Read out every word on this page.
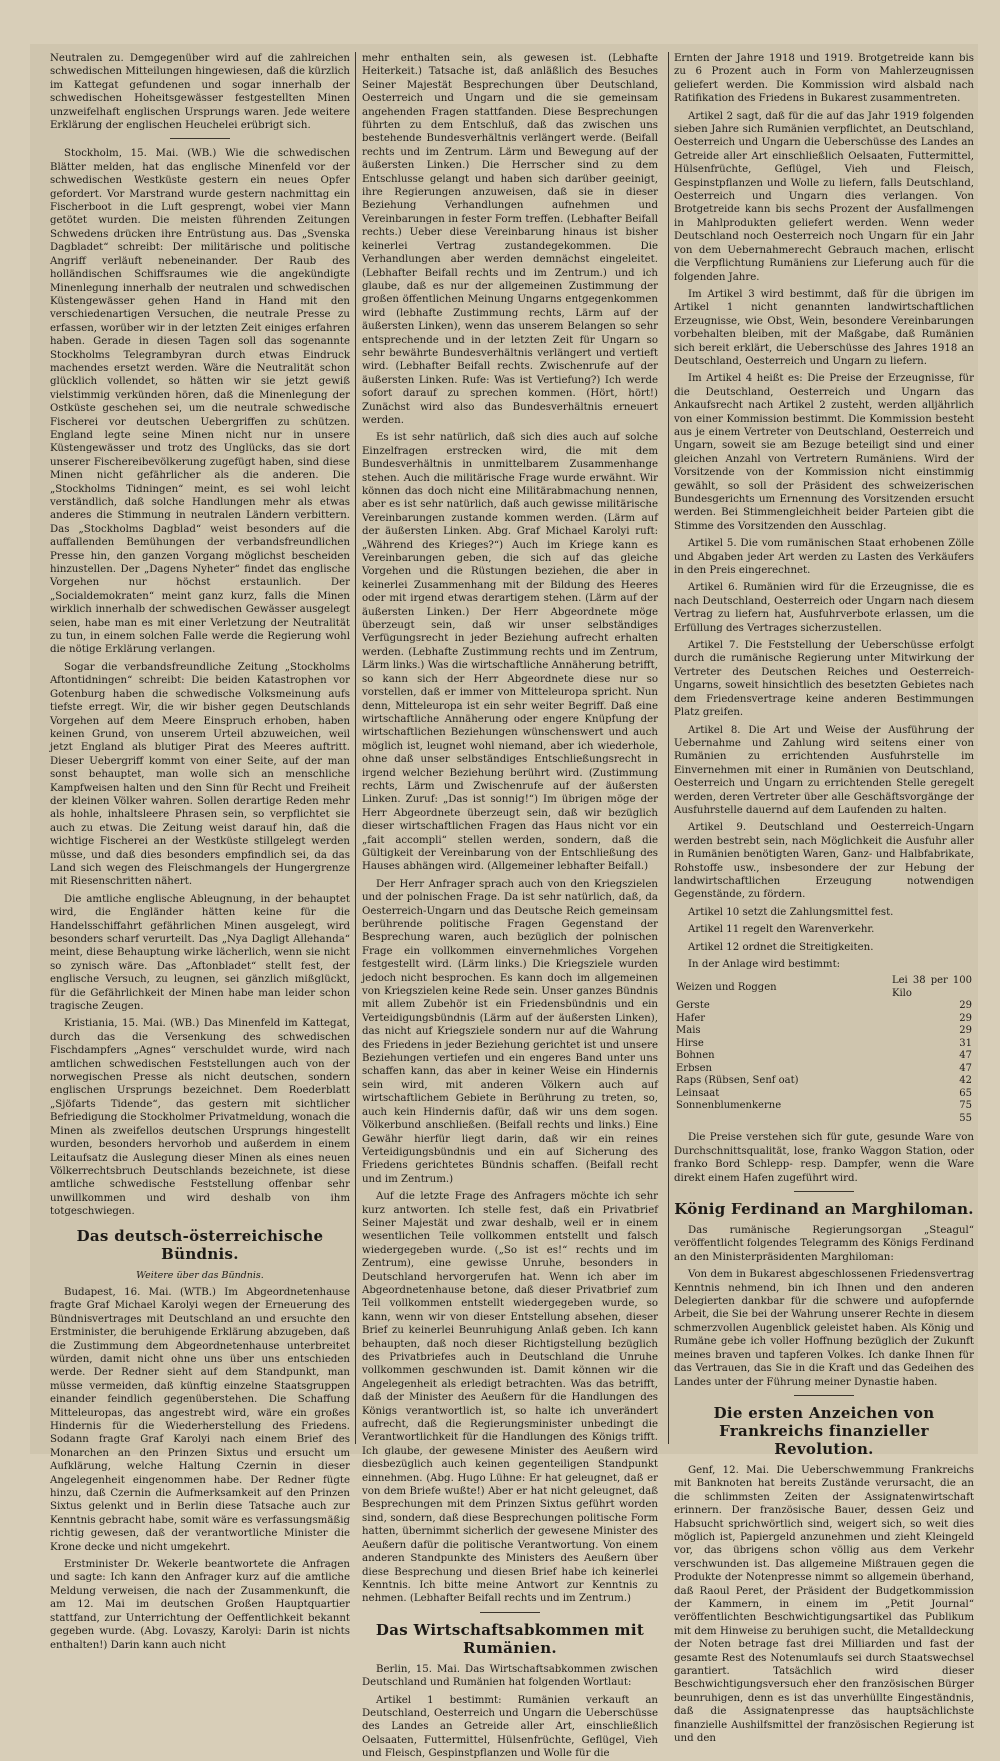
Neutralen zu. Demgegenüber wird auf die zahlreichen schwedischen Mitteilungen hingewiesen, daß die kürzlich im Kattegat gefundenen und sogar innerhalb der schwedischen Hoheitsgewässer festgestellten Minen unzweifelhaft englischen Ursprungs waren. Jede weitere Erklärung der englischen Heuchelei erübrigt sich.

Stockholm, 15. Mai. (WB.) Wie die schwedischen Blätter melden, hat das englische Minenfeld vor der schwedischen Westküste gestern ein neues Opfer gefordert. Vor Marstrand wurde gestern nachmittag ein Fischerboot in die Luft gesprengt, wobei vier Mann getötet wurden. Die meisten führenden Zeitungen Schwedens drücken ihre Entrüstung aus. Das „Svenska Dagbladet“ schreibt: Der militärische und politische Angriff verläuft nebeneinander. Der Raub des holländischen Schiffsraumes wie die angekündigte Minenlegung innerhalb der neutralen und schwedischen Küstengewässer gehen Hand in Hand mit den verschiedenartigen Versuchen, die neutrale Presse zu erfassen, worüber wir in der letzten Zeit einiges erfahren haben. Gerade in diesen Tagen soll das sogenannte Stockholms Telegrambyran durch etwas Eindruck machendes ersetzt werden. Wäre die Neutralität schon glücklich vollendet, so hätten wir sie jetzt gewiß vielstimmig verkünden hören, daß die Minenlegung der Ostküste geschehen sei, um die neutrale schwedische Fischerei vor deutschen Uebergriffen zu schützen. England legte seine Minen nicht nur in unsere Küstengewässer und trotz des Unglücks, das sie dort unserer Fischereibevölkerung zugefügt haben, sind diese Minen nicht gefährlicher als die anderen. Die „Stockholms Tidningen“ meint, es sei wohl leicht verständlich, daß solche Handlungen mehr als etwas anderes die Stimmung in neutralen Ländern verbittern. Das „Stockholms Dagblad“ weist besonders auf die auffallenden Bemühungen der verbandsfreundlichen Presse hin, den ganzen Vorgang möglichst bescheiden hinzustellen. Der „Dagens Nyheter“ findet das englische Vorgehen nur höchst erstaunlich. Der „Socialdemokraten“ meint ganz kurz, falls die Minen wirklich innerhalb der schwedischen Gewässer ausgelegt seien, habe man es mit einer Verletzung der Neutralität zu tun, in einem solchen Falle werde die Regierung wohl die nötige Erklärung verlangen.

Sogar die verbandsfreundliche Zeitung „Stockholms Aftontidningen“ schreibt: Die beiden Katastrophen vor Gotenburg haben die schwedische Volksmeinung aufs tiefste erregt. Wir, die wir bisher gegen Deutschlands Vorgehen auf dem Meere Einspruch erhoben, haben keinen Grund, von unserem Urteil abzuweichen, weil jetzt England als blutiger Pirat des Meeres auftritt. Dieser Uebergriff kommt von einer Seite, auf der man sonst behauptet, man wolle sich an menschliche Kampfweisen halten und den Sinn für Recht und Freiheit der kleinen Völker wahren. Sollen derartige Reden mehr als hohle, inhaltsleere Phrasen sein, so verpflichtet sie auch zu etwas. Die Zeitung weist darauf hin, daß die wichtige Fischerei an der Westküste stillgelegt werden müsse, und daß dies besonders empfindlich sei, da das Land sich wegen des Fleischmangels der Hungergrenze mit Riesenschritten nähert.

Die amtliche englische Ableugnung, in der behauptet wird, die Engländer hätten keine für die Handelsschiffahrt gefährlichen Minen ausgelegt, wird besonders scharf verurteilt. Das „Nya Dagligt Allehanda“ meint, diese Behauptung wirke lächerlich, wenn sie nicht so zynisch wäre. Das „Aftonbladet“ stellt fest, der englische Versuch, zu leugnen, sei gänzlich mißglückt, für die Gefährlichkeit der Minen habe man leider schon tragische Zeugen.

Kristiania, 15. Mai. (WB.) Das Minenfeld im Kattegat, durch das die Versenkung des schwedischen Fischdampfers „Agnes“ verschuldet wurde, wird nach amtlichen schwedischen Feststellungen auch von der norwegischen Presse als nicht deutschen, sondern englischen Ursprungs bezeichnet. Dem Roederblatt „Sjöfarts Tidende“, das gestern mit sichtlicher Befriedigung die Stockholmer Privatmeldung, wonach die Minen als zweifellos deutschen Ursprungs hingestellt wurden, besonders hervorhob und außerdem in einem Leitaufsatz die Auslegung dieser Minen als eines neuen Völkerrechtsbruch Deutschlands bezeichnete, ist diese amtliche schwedische Feststellung offenbar sehr unwillkommen und wird deshalb von ihm totgeschwiegen.

Das deutsch-österreichische Bündnis.
Weitere über das Bündnis.

Budapest, 16. Mai. (WTB.) Im Abgeordnetenhause fragte Graf Michael Karolyi wegen der Erneuerung des Bündnisvertrages mit Deutschland an und ersuchte den Erstminister, die beruhigende Erklärung abzugeben, daß die Zustimmung dem Abgeordnetenhause unterbreitet würden, damit nicht ohne uns über uns entschieden werde. Der Redner sieht auf dem Standpunkt, man müsse vermeiden, daß künftig einzelne Staatsgruppen einander feindlich gegenüberstehen. Die Schaffung Mitteleuropas, das angestrebt wird, wäre ein großes Hindernis für die Wiederherstellung des Friedens. Sodann fragte Graf Karolyi nach einem Brief des Monarchen an den Prinzen Sixtus und ersucht um Aufklärung, welche Haltung Czernin in dieser Angelegenheit eingenommen habe. Der Redner fügte hinzu, daß Czernin die Aufmerksamkeit auf den Prinzen Sixtus gelenkt und in Berlin diese Tatsache auch zur Kenntnis gebracht habe, somit wäre es verfassungsmäßig richtig gewesen, daß der verantwortliche Minister die Krone decke und nicht umgekehrt.

Erstminister Dr. Wekerle beantwortete die Anfragen und sagte: Ich kann den Anfrager kurz auf die amtliche Meldung verweisen, die nach der Zusammenkunft, die am 12. Mai im deutschen Großen Hauptquartier stattfand, zur Unterrichtung der Oeffentlichkeit bekannt gegeben wurde. (Abg. Lovaszy, Karolyi: Darin ist nichts enthalten!) Darin kann auch nicht

mehr enthalten sein, als gewesen ist. (Lebhafte Heiterkeit.) Tatsache ist, daß anläßlich des Besuches Seiner Majestät Besprechungen über Deutschland, Oesterreich und Ungarn und die sie gemeinsam angehenden Fragen stattfanden. Diese Besprechungen führten zu dem Entschluß, daß das zwischen uns bestehende Bundesverhältnis verlängert werde. (Beifall rechts und im Zentrum. Lärm und Bewegung auf der äußersten Linken.) Die Herrscher sind zu dem Entschlusse gelangt und haben sich darüber geeinigt, ihre Regierungen anzuweisen, daß sie in dieser Beziehung Verhandlungen aufnehmen und Vereinbarungen in fester Form treffen. (Lebhafter Beifall rechts.) Ueber diese Vereinbarung hinaus ist bisher keinerlei Vertrag zustandegekommen. Die Verhandlungen aber werden demnächst eingeleitet. (Lebhafter Beifall rechts und im Zentrum.) und ich glaube, daß es nur der allgemeinen Zustimmung der großen öffentlichen Meinung Ungarns entgegenkommen wird (lebhafte Zustimmung rechts, Lärm auf der äußersten Linken), wenn das unserem Belangen so sehr entsprechende und in der letzten Zeit für Ungarn so sehr bewährte Bundesverhältnis verlängert und vertieft wird. (Lebhafter Beifall rechts. Zwischenrufe auf der äußersten Linken. Rufe: Was ist Vertiefung?) Ich werde sofort darauf zu sprechen kommen. (Hört, hört!) Zunächst wird also das Bundesverhältnis erneuert werden.

Es ist sehr natürlich, daß sich dies auch auf solche Einzelfragen erstrecken wird, die mit dem Bundesverhältnis in unmittelbarem Zusammenhange stehen. Auch die militärische Frage wurde erwähnt. Wir können das doch nicht eine Militärabmachung nennen, aber es ist sehr natürlich, daß auch gewisse militärische Vereinbarungen zustande kommen werden. (Lärm auf der äußersten Linken. Abg. Graf Michael Karolyi ruft: „Während des Krieges?“) Auch im Kriege kann es Vereinbarungen geben, die sich auf das gleiche Vorgehen und die Rüstungen beziehen, die aber in keinerlei Zusammenhang mit der Bildung des Heeres oder mit irgend etwas derartigem stehen. (Lärm auf der äußersten Linken.) Der Herr Abgeordnete möge überzeugt sein, daß wir unser selbständiges Verfügungsrecht in jeder Beziehung aufrecht erhalten werden. (Lebhafte Zustimmung rechts und im Zentrum, Lärm links.) Was die wirtschaftliche Annäherung betrifft, so kann sich der Herr Abgeordnete diese nur so vorstellen, daß er immer von Mitteleuropa spricht. Nun denn, Mitteleuropa ist ein sehr weiter Begriff. Daß eine wirtschaftliche Annäherung oder engere Knüpfung der wirtschaftlichen Beziehungen wünschenswert und auch möglich ist, leugnet wohl niemand, aber ich wiederhole, ohne daß unser selbständiges Entschließungsrecht in irgend welcher Beziehung berührt wird. (Zustimmung rechts, Lärm und Zwischenrufe auf der äußersten Linken. Zuruf: „Das ist sonnig!“) Im übrigen möge der Herr Abgeordnete überzeugt sein, daß wir bezüglich dieser wirtschaftlichen Fragen das Haus nicht vor ein „fait accompli“ stellen werden, sondern, daß die Gültigkeit der Vereinbarung von der Entschließung des Hauses abhängen wird. (Allgemeiner lebhafter Beifall.)

Der Herr Anfrager sprach auch von den Kriegszielen und der polnischen Frage. Da ist sehr natürlich, daß, da Oesterreich-Ungarn und das Deutsche Reich gemeinsam berührende politische Fragen Gegenstand der Besprechung waren, auch bezüglich der polnischen Frage ein vollkommen einvernehmliches Vorgehen festgestellt wird. (Lärm links.) Die Kriegsziele wurden jedoch nicht besprochen. Es kann doch im allgemeinen von Kriegszielen keine Rede sein. Unser ganzes Bündnis mit allem Zubehör ist ein Friedensbündnis und ein Verteidigungsbündnis (Lärm auf der äußersten Linken), das nicht auf Kriegsziele sondern nur auf die Wahrung des Friedens in jeder Beziehung gerichtet ist und unsere Beziehungen vertiefen und ein engeres Band unter uns schaffen kann, das aber in keiner Weise ein Hindernis sein wird, mit anderen Völkern auch auf wirtschaftlichem Gebiete in Berührung zu treten, so, auch kein Hindernis dafür, daß wir uns dem sogen. Völkerbund anschließen. (Beifall rechts und links.) Eine Gewähr hierfür liegt darin, daß wir ein reines Verteidigungsbündnis und ein auf Sicherung des Friedens gerichtetes Bündnis schaffen. (Beifall recht und im Zentrum.)

Auf die letzte Frage des Anfragers möchte ich sehr kurz antworten. Ich stelle fest, daß ein Privatbrief Seiner Majestät und zwar deshalb, weil er in einem wesentlichen Teile vollkommen entstellt und falsch wiedergegeben wurde. („So ist es!“ rechts und im Zentrum), eine gewisse Unruhe, besonders in Deutschland hervorgerufen hat. Wenn ich aber im Abgeordnetenhause betone, daß dieser Privatbrief zum Teil vollkommen entstellt wiedergegeben wurde, so kann, wenn wir von dieser Entstellung absehen, dieser Brief zu keinerlei Beunruhigung Anlaß geben. Ich kann behaupten, daß noch dieser Richtigstellung bezüglich des Privatbriefes auch in Deutschland die Unruhe vollkommen geschwunden ist. Damit können wir die Angelegenheit als erledigt betrachten. Was das betrifft, daß der Minister des Aeußern für die Handlungen des Königs verantwortlich ist, so halte ich unverändert aufrecht, daß die Regierungsminister unbedingt die Verantwortlichkeit für die Handlungen des Königs trifft. Ich glaube, der gewesene Minister des Aeußern wird diesbezüglich auch keinen gegenteiligen Standpunkt einnehmen. (Abg. Hugo Lühne: Er hat geleugnet, daß er von dem Briefe wußte!) Aber er hat nicht geleugnet, daß Besprechungen mit dem Prinzen Sixtus geführt worden sind, sondern, daß diese Besprechungen politische Form hatten, übernimmt sicherlich der gewesene Minister des Aeußern dafür die politische Verantwortung. Von einem anderen Standpunkte des Ministers des Aeußern über diese Besprechung und diesen Brief habe ich keinerlei Kenntnis. Ich bitte meine Antwort zur Kenntnis zu nehmen. (Lebhafter Beifall rechts und im Zentrum.)

Das Wirtschaftsabkommen mit Rumänien.

Berlin, 15. Mai. Das Wirtschaftsabkommen zwischen Deutschland und Rumänien hat folgenden Wortlaut:

Artikel 1 bestimmt: Rumänien verkauft an Deutschland, Oesterreich und Ungarn die Ueberschüsse des Landes an Getreide aller Art, einschließlich Oelsaaten, Futtermittel, Hülsenfrüchte, Geflügel, Vieh und Fleisch, Gespinstpflanzen und Wolle für die

Ernten der Jahre 1918 und 1919. Brotgetreide kann bis zu 6 Prozent auch in Form von Mahlerzeugnissen geliefert werden. Die Kommission wird alsbald nach Ratifikation des Friedens in Bukarest zusammentreten.

Artikel 2 sagt, daß für die auf das Jahr 1919 folgenden sieben Jahre sich Rumänien verpflichtet, an Deutschland, Oesterreich und Ungarn die Ueberschüsse des Landes an Getreide aller Art einschließlich Oelsaaten, Futtermittel, Hülsenfrüchte, Geflügel, Vieh und Fleisch, Gespinstpflanzen und Wolle zu liefern, falls Deutschland, Oesterreich und Ungarn dies verlangen. Von Brotgetreide kann bis sechs Prozent der Ausfallmengen in Mahlprodukten geliefert werden. Wenn weder Deutschland noch Oesterreich noch Ungarn für ein Jahr von dem Uebernahmerecht Gebrauch machen, erlischt die Verpflichtung Rumäniens zur Lieferung auch für die folgenden Jahre.

Im Artikel 3 wird bestimmt, daß für die übrigen im Artikel 1 nicht genannten landwirtschaftlichen Erzeugnisse, wie Obst, Wein, besondere Vereinbarungen vorbehalten bleiben, mit der Maßgabe, daß Rumänien sich bereit erklärt, die Ueberschüsse des Jahres 1918 an Deutschland, Oesterreich und Ungarn zu liefern.

Im Artikel 4 heißt es: Die Preise der Erzeugnisse, für die Deutschland, Oesterreich und Ungarn das Ankaufsrecht nach Artikel 2 zusteht, werden alljährlich von einer Kommission bestimmt. Die Kommission besteht aus je einem Vertreter von Deutschland, Oesterreich und Ungarn, soweit sie am Bezuge beteiligt sind und einer gleichen Anzahl von Vertretern Rumäniens. Wird der Vorsitzende von der Kommission nicht einstimmig gewählt, so soll der Präsident des schweizerischen Bundesgerichts um Ernennung des Vorsitzenden ersucht werden. Bei Stimmengleichheit beider Parteien gibt die Stimme des Vorsitzenden den Ausschlag.

Artikel 5. Die vom rumänischen Staat erhobenen Zölle und Abgaben jeder Art werden zu Lasten des Verkäufers in den Preis eingerechnet.

Artikel 6. Rumänien wird für die Erzeugnisse, die es nach Deutschland, Oesterreich oder Ungarn nach diesem Vertrag zu liefern hat, Ausfuhrverbote erlassen, um die Erfüllung des Vertrages sicherzustellen.

Artikel 7. Die Feststellung der Ueberschüsse erfolgt durch die rumänische Regierung unter Mitwirkung der Vertreter des Deutschen Reiches und Oesterreich-Ungarns, soweit hinsichtlich des besetzten Gebietes nach dem Friedensvertrage keine anderen Bestimmungen Platz greifen.

Artikel 8. Die Art und Weise der Ausführung der Uebernahme und Zahlung wird seitens einer von Rumänien zu errichtenden Ausfuhrstelle im Einvernehmen mit einer in Rumänien von Deutschland, Oesterreich und Ungarn zu errichtenden Stelle geregelt werden, deren Vertreter über alle Geschäftsvorgänge der Ausfuhrstelle dauernd auf dem Laufenden zu halten.

Artikel 9. Deutschland und Oesterreich-Ungarn werden bestrebt sein, nach Möglichkeit die Ausfuhr aller in Rumänien benötigten Waren, Ganz- und Halbfabrikate, Rohstoffe usw., insbesondere der zur Hebung der landwirtschaftlichen Erzeugung notwendigen Gegenstände, zu fördern.

Artikel 10 setzt die Zahlungsmittel fest.

Artikel 11 regelt den Warenverkehr.

Artikel 12 ordnet die Streitigkeiten.

In der Anlage wird bestimmt:

Weizen und Roggen	Lei 38 per 100 Kilo
Gerste	29
Hafer	29
Mais	29
Hirse	31
Bohnen	47
Erbsen	47
Raps (Rübsen, Senf oat)	42
Leinsaat	65
Sonnenblumenkerne	75
	55

Die Preise verstehen sich für gute, gesunde Ware von Durchschnittsqualität, lose, franko Waggon Station, oder franko Bord Schlepp- resp. Dampfer, wenn die Ware direkt einem Hafen zugeführt wird.

König Ferdinand an Marghiloman.

Das rumänische Regierungsorgan „Steagul“ veröffentlicht folgendes Telegramm des Königs Ferdinand an den Ministerpräsidenten Marghiloman:

Von dem in Bukarest abgeschlossenen Friedensvertrag Kenntnis nehmend, bin ich Ihnen und den anderen Delegierten dankbar für die schwere und aufopfernde Arbeit, die Sie bei der Wahrung unserer Rechte in diesem schmerzvollen Augenblick geleistet haben. Als König und Rumäne gebe ich voller Hoffnung bezüglich der Zukunft meines braven und tapferen Volkes. Ich danke Ihnen für das Vertrauen, das Sie in die Kraft und das Gedeihen des Landes unter der Führung meiner Dynastie haben.

Die ersten Anzeichen von Frankreichs finanzieller Revolution.

Genf, 12. Mai. Die Ueberschwemmung Frankreichs mit Banknoten hat bereits Zustände verursacht, die an die schlimmsten Zeiten der Assignatenwirtschaft erinnern. Der französische Bauer, dessen Geiz und Habsucht sprichwörtlich sind, weigert sich, so weit dies möglich ist, Papiergeld anzunehmen und zieht Kleingeld vor, das übrigens schon völlig aus dem Verkehr verschwunden ist. Das allgemeine Mißtrauen gegen die Produkte der Notenpresse nimmt so allgemein überhand, daß Raoul Peret, der Präsident der Budgetkommission der Kammern, in einem im „Petit Journal“ veröffentlichten Beschwichtigungsartikel das Publikum mit dem Hinweise zu beruhigen sucht, die Metalldeckung der Noten betrage fast drei Milliarden und fast der gesamte Rest des Notenumlaufs sei durch Staatswechsel garantiert. Tatsächlich wird dieser Beschwichtigungsversuch eher den französischen Bürger beunruhigen, denn es ist das unverhüllte Eingeständnis, daß die Assignatenpresse das hauptsächlichste finanzielle Aushilfsmittel der französischen Regierung ist und den
